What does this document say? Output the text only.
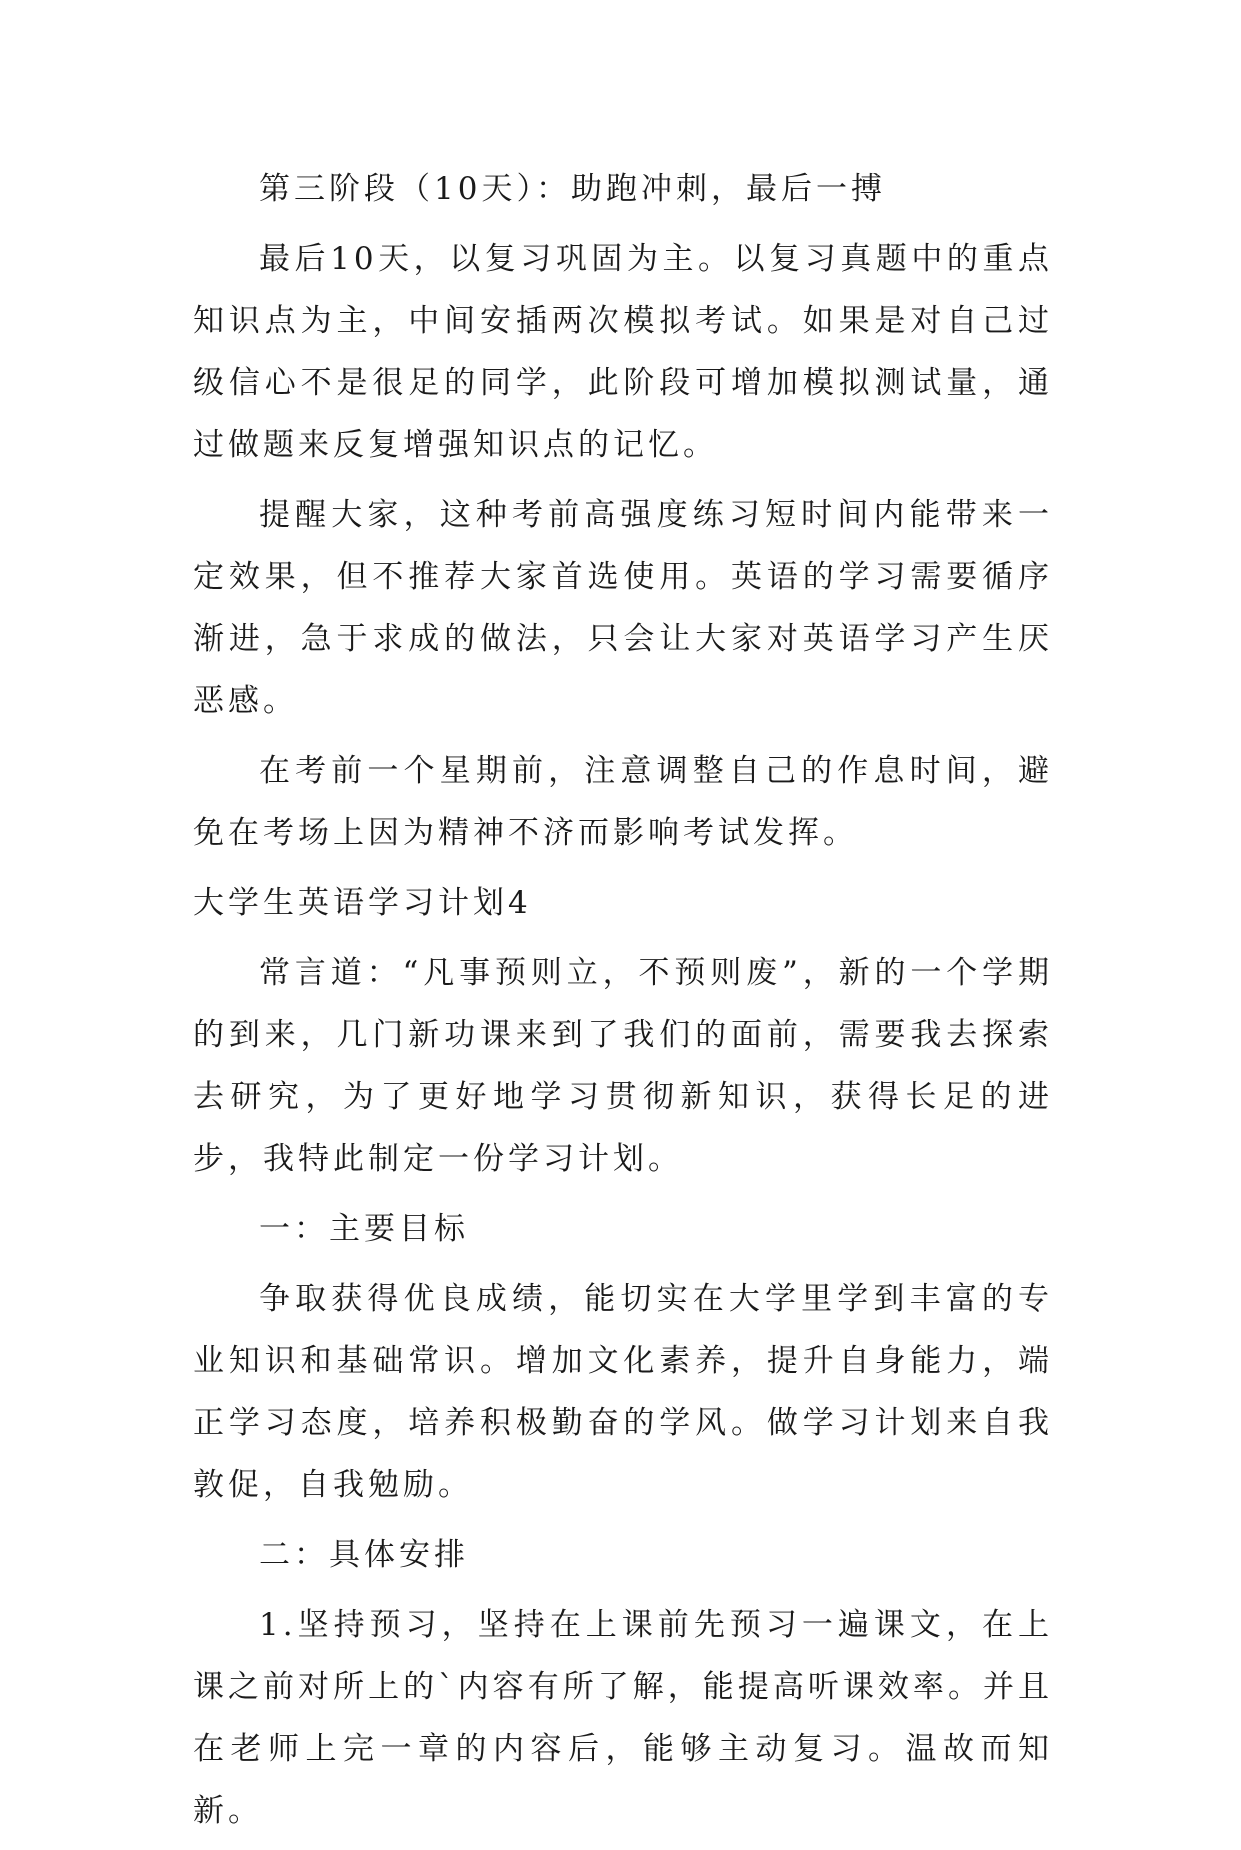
第三阶段（10天）：助跑冲刺，最后一搏

最后10天，以复习巩固为主。以复习真题中的重点知识点为主，中间安插两次模拟考试。如果是对自己过级信心不是很足的同学，此阶段可增加模拟测试量，通过做题来反复增强知识点的记忆。

提醒大家，这种考前高强度练习短时间内能带来一定效果，但不推荐大家首选使用。英语的学习需要循序渐进，急于求成的做法，只会让大家对英语学习产生厌恶感。

在考前一个星期前，注意调整自己的作息时间，避免在考场上因为精神不济而影响考试发挥。

大学生英语学习计划4

常言道：“凡事预则立，不预则废”，新的一个学期的到来，几门新功课来到了我们的面前，需要我去探索去研究，为了更好地学习贯彻新知识，获得长足的进步，我特此制定一份学习计划。

一：主要目标

争取获得优良成绩，能切实在大学里学到丰富的专业知识和基础常识。增加文化素养，提升自身能力，端正学习态度，培养积极勤奋的学风。做学习计划来自我敦促，自我勉励。

二：具体安排

1.坚持预习，坚持在上课前先预习一遍课文，在上课之前对所上的`内容有所了解，能提高听课效率。并且在老师上完一章的内容后，能够主动复习。温故而知新。
